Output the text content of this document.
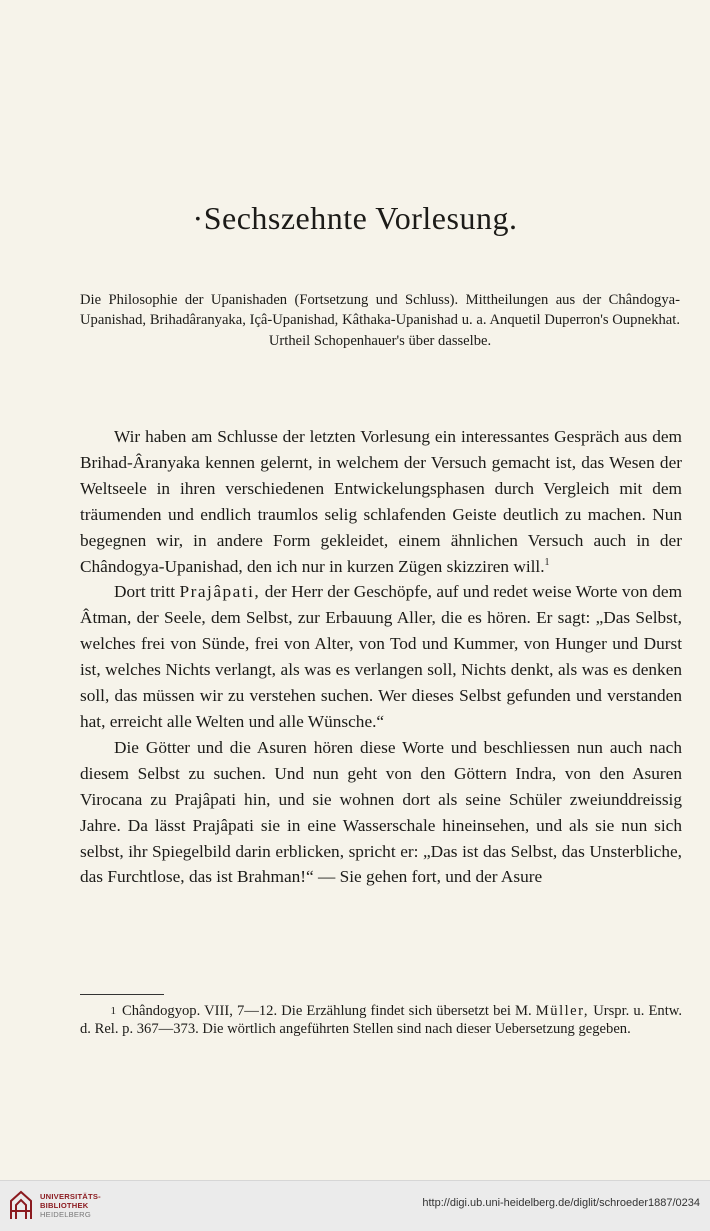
·Sechszehnte Vorlesung.
Die Philosophie der Upanishaden (Fortsetzung und Schluss). Mittheilungen aus der Chândogya-Upanishad, Brihadâranyaka, Içâ-Upanishad, Kâthaka-Upanishad u. a. Anquetil Duperron's Oupnekhat. Urtheil Schopenhauer's über dasselbe.

Wir haben am Schlusse der letzten Vorlesung ein interessantes Gespräch aus dem Brihad-Âranyaka kennen gelernt, in welchem der Versuch gemacht ist, das Wesen der Weltseele in ihren verschiedenen Entwickelungsphasen durch Vergleich mit dem träumenden und endlich traumlos selig schlafenden Geiste deutlich zu machen. Nun begegnen wir, in andere Form gekleidet, einem ähnlichen Versuch auch in der Chândogya-Upanishad, den ich nur in kurzen Zügen skizziren will.$^1$

Dort tritt Prajâpati, der Herr der Geschöpfe, auf und redet weise Worte von dem Âtman, der Seele, dem Selbst, zur Erbauung Aller, die es hören. Er sagt: „Das Selbst, welches frei von Sünde, frei von Alter, von Tod und Kummer, von Hunger und Durst ist, welches Nichts verlangt, als was es verlangen soll, Nichts denkt, als was es denken soll, das müssen wir zu verstehen suchen. Wer dieses Selbst gefunden und verstanden hat, erreicht alle Welten und alle Wünsche.“

Die Götter und die Asuren hören diese Worte und beschliessen nun auch nach diesem Selbst zu suchen. Und nun geht von den Göttern Indra, von den Asuren Virocana zu Prajâpati hin, und sie wohnen dort als seine Schüler zweiunddreissig Jahre. Da lässt Prajâpati sie in eine Wasserschale hineinsehen, und als sie nun sich selbst, ihr Spiegelbild darin erblicken, spricht er: „Das ist das Selbst, das Unsterbliche, das Furchtlose, das ist Brahman!“ — Sie gehen fort, und der Asure

1 Chândogyop. VIII, 7—12. Die Erzählung findet sich übersetzt bei M. Müller, Urspr. u. Entw. d. Rel. p. 367—373. Die wörtlich angeführten Stellen sind nach dieser Uebersetzung gegeben.
UNIVERSITÄTS-
BIBLIOTHEK
HEIDELBERG
http://digi.ub.uni-heidelberg.de/diglit/schroeder1887/0234
